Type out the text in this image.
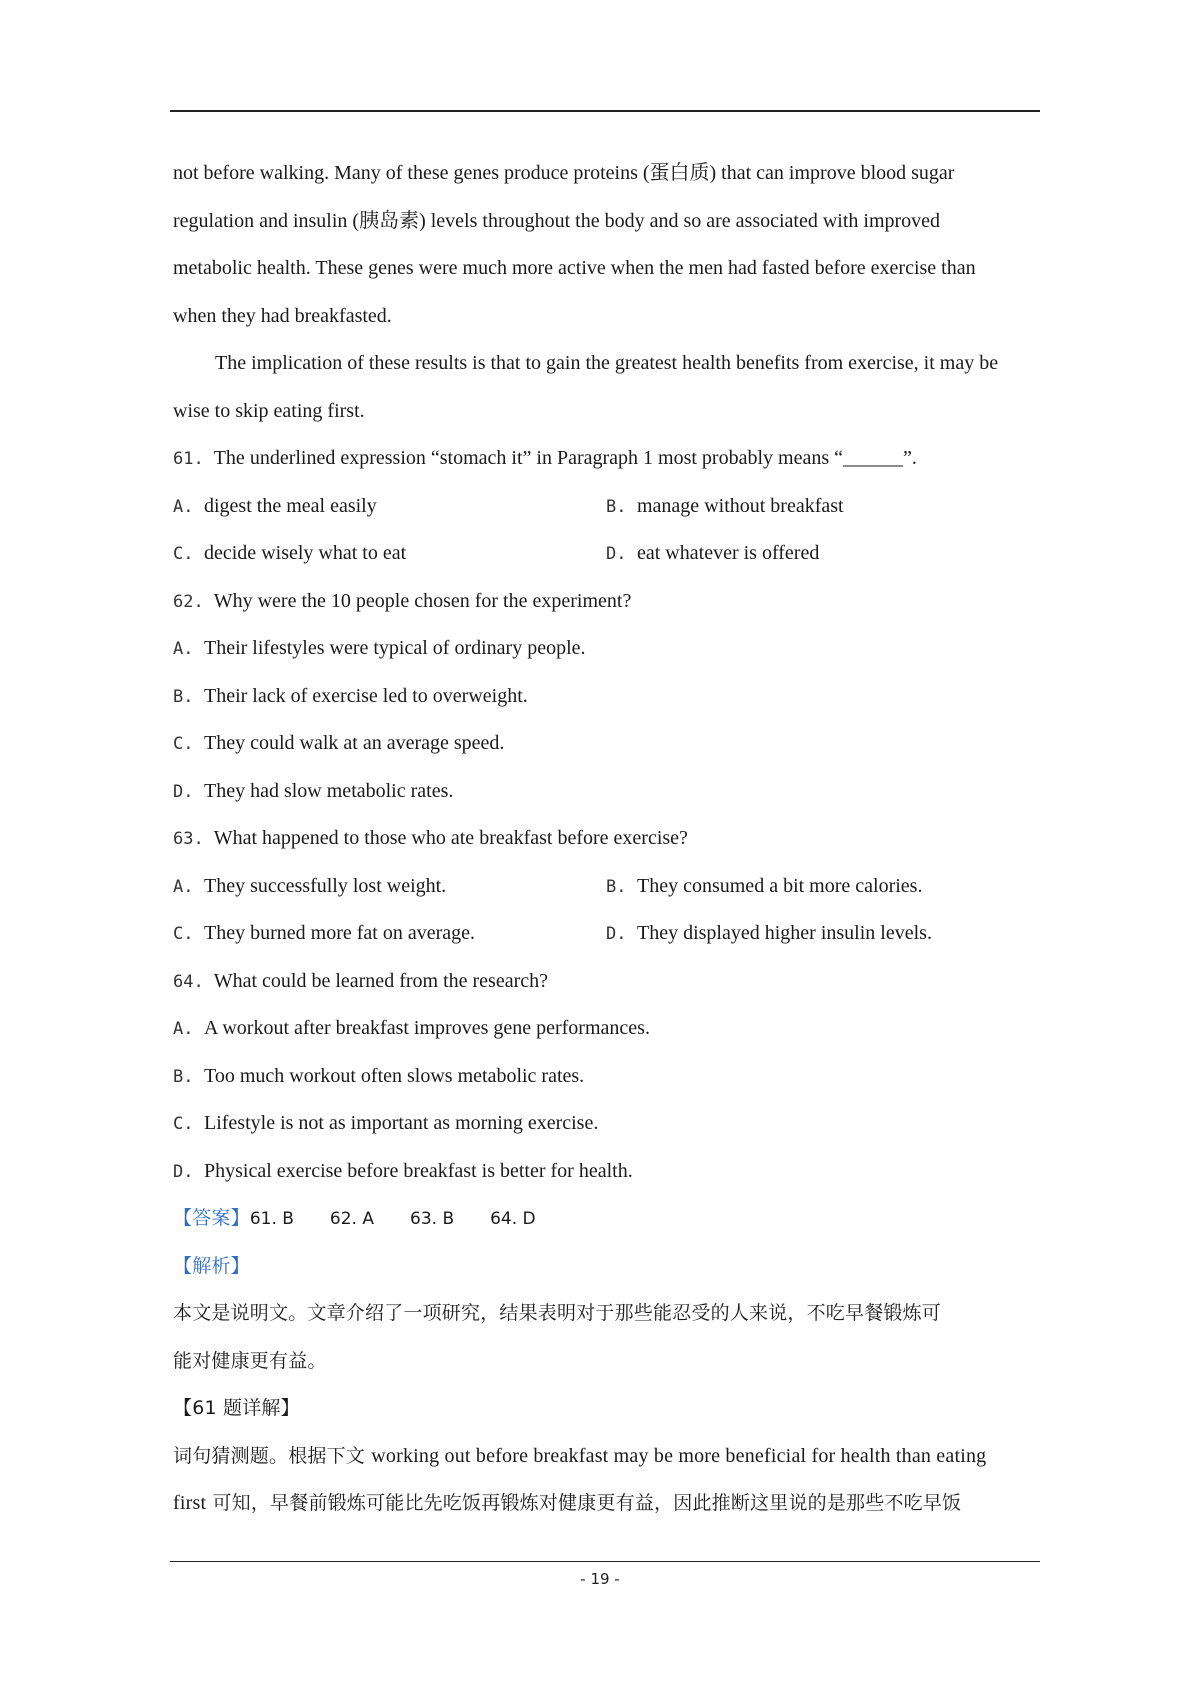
not before walking. Many of these genes produce proteins (蛋白质) that can improve blood sugar
regulation and insulin (胰岛素) levels throughout the body and so are associated with improved
metabolic health. These genes were much more active when the men had fasted before exercise than
when they had breakfasted.
The implication of these results is that to gain the greatest health benefits from exercise, it may be
wise to skip eating first.
61. The underlined expression “stomach it” in Paragraph 1 most probably means “______”.
A. digest the meal easily	B. manage without breakfast
C. decide wisely what to eat	D. eat whatever is offered
62. Why were the 10 people chosen for the experiment?
A. Their lifestyles were typical of ordinary people.
B. Their lack of exercise led to overweight.
C. They could walk at an average speed.
D. They had slow metabolic rates.
63. What happened to those who ate breakfast before exercise?
A. They successfully lost weight.	B. They consumed a bit more calories.
C. They burned more fat on average.	D. They displayed higher insulin levels.
64. What could be learned from the research?
A. A workout after breakfast improves gene performances.
B. Too much workout often slows metabolic rates.
C. Lifestyle is not as important as morning exercise.
D. Physical exercise before breakfast is better for health.
【答案】61. B 62. A 63. B 64. D
【解析】
本文是说明文。文章介绍了一项研究，结果表明对于那些能忍受的人来说，不吃早餐锻炼可
能对健康更有益。
【61 题详解】
词句猜测题。根据下文 working out before breakfast may be more beneficial for health than eating
first 可知，早餐前锻炼可能比先吃饭再锻炼对健康更有益，因此推断这里说的是那些不吃早饭
- 19 -
